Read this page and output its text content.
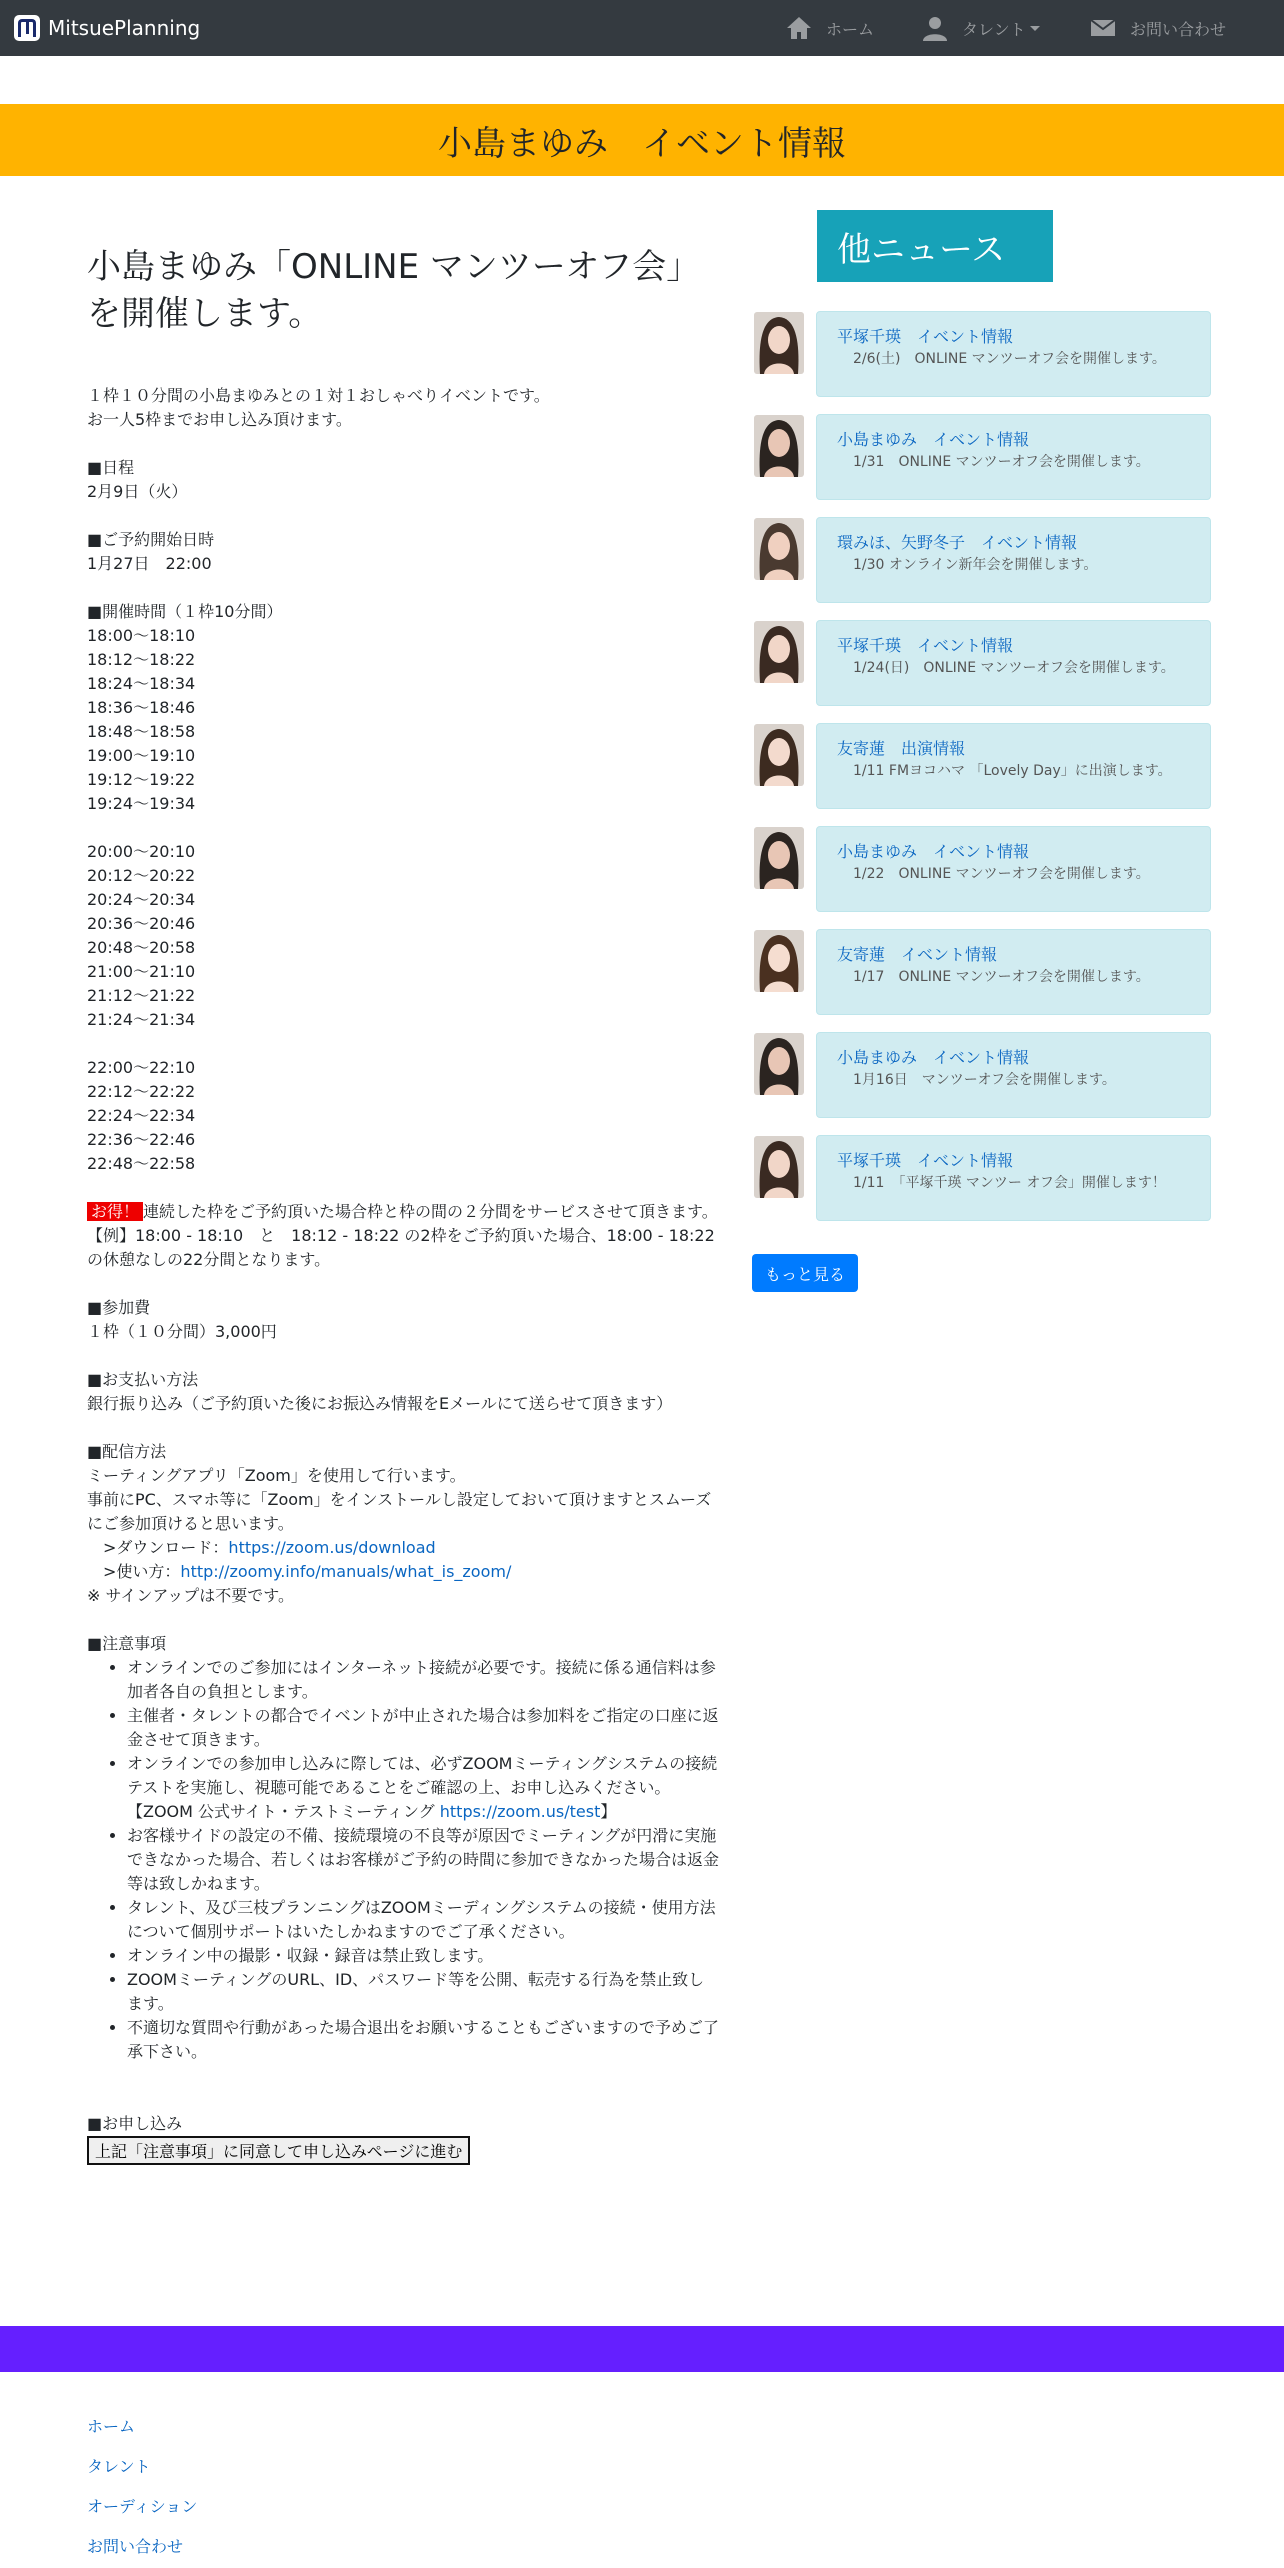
MitsuePlanning	ホーム	タレント	お問い合わせ
小島まゆみ　イベント情報
小島まゆみ「ONLINE マンツーオフ会」を開催します。

１枠１０分間の小島まゆみとの１対１おしゃべりイベントです。

お一人5枠までお申し込み頂けます。

■日程

2月9日（火）

■ご予約開始日時

1月27日　22:00

■開催時間（１枠10分間）

18:00～18:10

18:12～18:22

18:24～18:34

18:36～18:46

18:48～18:58

19:00～19:10

19:12～19:22

19:24～19:34

20:00～20:10

20:12～20:22

20:24～20:34

20:36～20:46

20:48～20:58

21:00～21:10

21:12～21:22

21:24～21:34

22:00～22:10

22:12～22:22

22:24～22:34

22:36～22:46

22:48～22:58

お得！ 連続した枠をご予約頂いた場合枠と枠の間の２分間をサービスさせて頂きます。

【例】18:00 - 18:10　と　18:12 - 18:22 の2枠をご予約頂いた場合、18:00 - 18:22の休憩なしの22分間となります。

■参加費

１枠（１０分間）3,000円

■お支払い方法

銀行振り込み（ご予約頂いた後にお振込み情報をEメールにて送らせて頂きます）

■配信方法

ミーティングアプリ「Zoom」を使用して行います。

事前にPC、スマホ等に「Zoom」をインストールし設定しておいて頂けますとスムーズにご参加頂けると思います。

　>ダウンロード：https://zoom.us/download

　>使い方：http://zoomy.info/manuals/what_is_zoom/

※ サインアップは不要です。

■注意事項

• オンラインでのご参加にはインターネット接続が必要です。接続に係る通信料は参加者各自の負担とします。
• 主催者・タレントの都合でイベントが中止された場合は参加料をご指定の口座に返金させて頂きます。
• オンラインでの参加申し込みに際しては、必ずZOOMミーティングシステムの接続テストを実施し、視聴可能であることをご確認の上、お申し込みください。
【ZOOM 公式サイト・テストミーティング https://zoom.us/test】
• お客様サイドの設定の不備、接続環境の不良等が原因でミーティングが円滑に実施できなかった場合、若しくはお客様がご予約の時間に参加できなかった場合は返金等は致しかねます。
• タレント、及び三枝プランニングはZOOMミーディングシステムの接続・使用方法について個別サポートはいたしかねますのでご了承ください。
• オンライン中の撮影・収録・録音は禁止致します。
• ZOOMミーティングのURL、ID、パスワード等を公開、転売する行為を禁止致します。
• 不適切な質問や行動があった場合退出をお願いすることもございますので予めご了承下さい。

■お申し込み

上記「注意事項」に同意して申し込みページに進む
他ニュース
平塚千瑛　イベント情報
2/6(土)　ONLINE マンツーオフ会を開催します。
小島まゆみ　イベント情報
1/31　ONLINE マンツーオフ会を開催します。
環みほ、矢野冬子　イベント情報
1/30 オンライン新年会を開催します。
平塚千瑛　イベント情報
1/24(日)　ONLINE マンツーオフ会を開催します。
友寄蓮　出演情報
1/11 FMヨコハマ 「Lovely Day」に出演します。
小島まゆみ　イベント情報
1/22　ONLINE マンツーオフ会を開催します。
友寄蓮　イベント情報
1/17　ONLINE マンツーオフ会を開催します。
小島まゆみ　イベント情報
1月16日　マンツーオフ会を開催します。
平塚千瑛　イベント情報
1/11　「平塚千瑛 マンツー オフ会」開催します！
もっと見る
ホーム
タレント
オーディション
お問い合わせ
